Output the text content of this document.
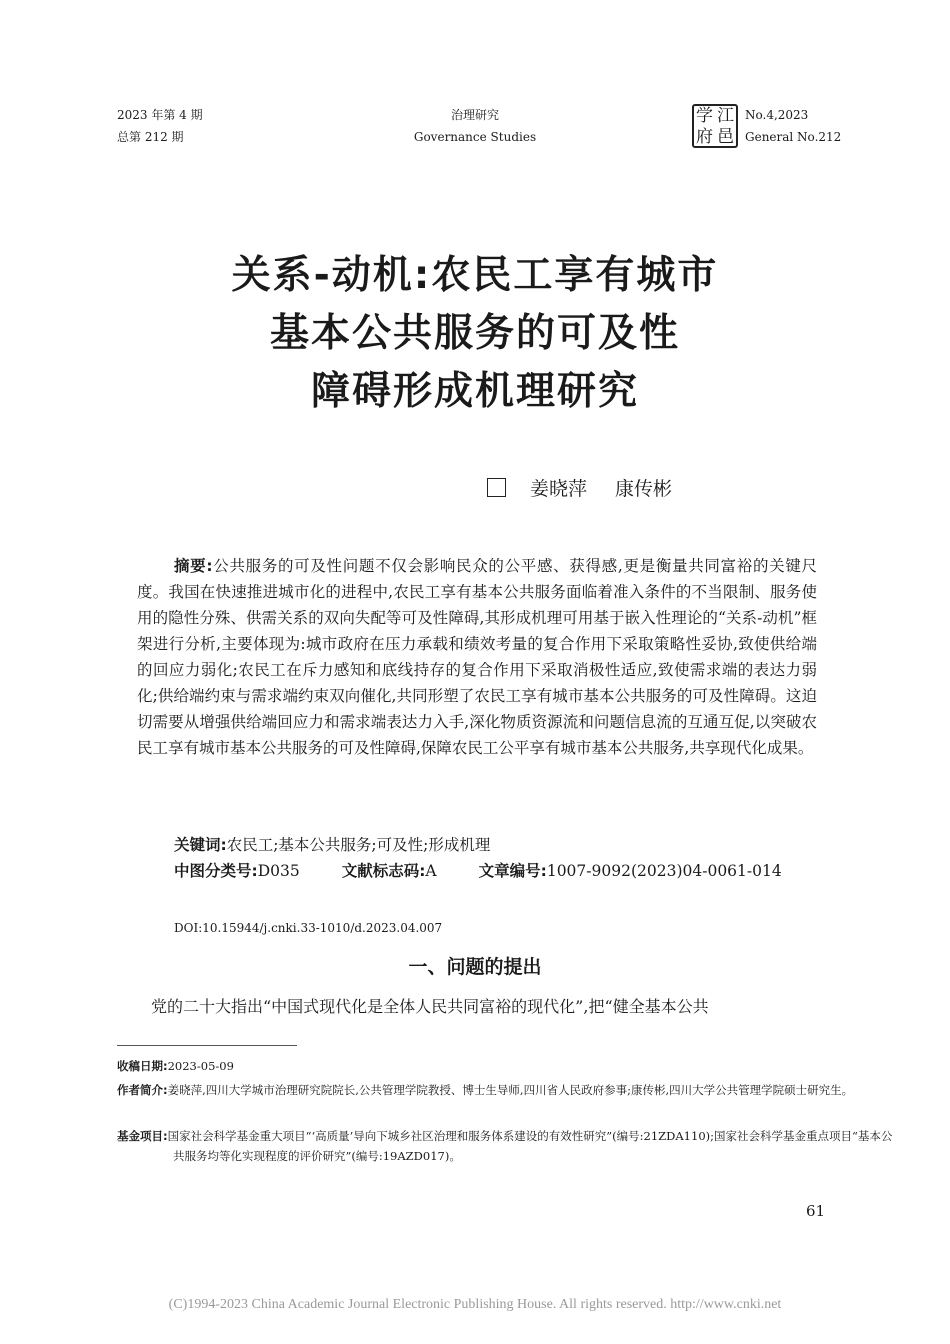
2023 年第 4 期
总第 212 期
治理研究
Governance Studies
学 江
府 邑
No.4,2023
General No.212
关系-动机:农民工享有城市
基本公共服务的可及性
障碍形成机理研究
姜晓萍 康传彬
摘要:公共服务的可及性问题不仅会影响民众的公平感、获得感,更是衡量共同富裕的关键尺度。我国在快速推进城市化的进程中,农民工享有基本公共服务面临着准入条件的不当限制、服务使用的隐性分殊、供需关系的双向失配等可及性障碍,其形成机理可用基于嵌入性理论的“关系-动机”框架进行分析,主要体现为:城市政府在压力承载和绩效考量的复合作用下采取策略性妥协,致使供给端的回应力弱化;农民工在斥力感知和底线持存的复合作用下采取消极性适应,致使需求端的表达力弱化;供给端约束与需求端约束双向催化,共同形塑了农民工享有城市基本公共服务的可及性障碍。这迫切需要从增强供给端回应力和需求端表达力入手,深化物质资源流和问题信息流的互通互促,以突破农民工享有城市基本公共服务的可及性障碍,保障农民工公平享有城市基本公共服务,共享现代化成果。
关键词:农民工;基本公共服务;可及性;形成机理
中图分类号:D035	文献标志码:A	文章编号:1007-9092(2023)04-0061-014
DOI:10.15944/j.cnki.33-1010/d.2023.04.007
一、问题的提出
党的二十大指出“中国式现代化是全体人民共同富裕的现代化”,把“健全基本公共
收稿日期:2023-05-09
作者简介:姜晓萍,四川大学城市治理研究院院长,公共管理学院教授、博士生导师,四川省人民政府参事;康传彬,四川大学公共管理学院硕士研究生。
基金项目:国家社会科学基金重大项目“‘高质量’导向下城乡社区治理和服务体系建设的有效性研究”(编号:21ZDA110);国家社会科学基金重点项目“基本公共服务均等化实现程度的评价研究”(编号:19AZD017)。
61
(C)1994-2023 China Academic Journal Electronic Publishing House. All rights reserved. http://www.cnki.net
